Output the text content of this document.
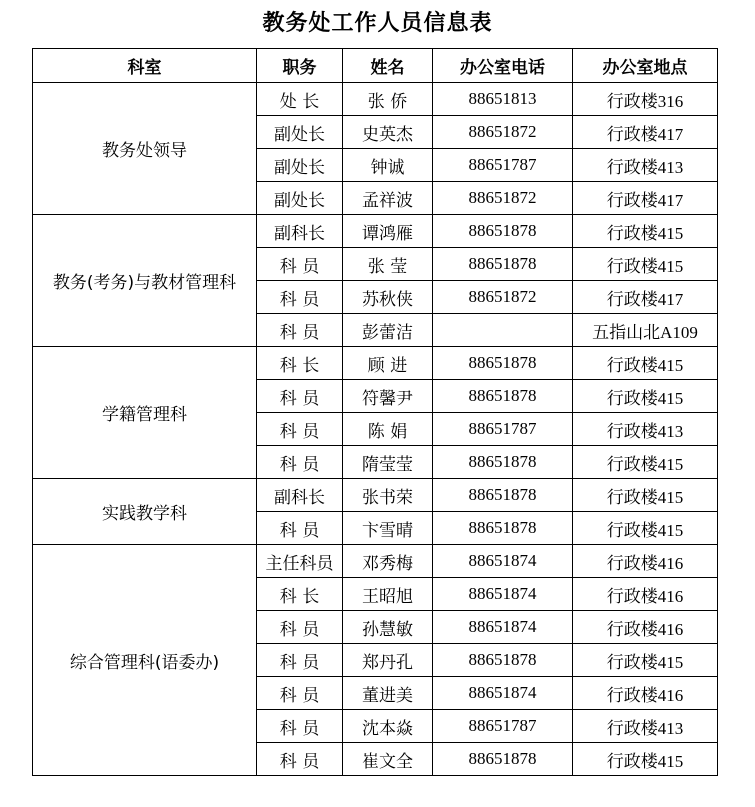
教务处工作人员信息表
科室	职务	姓名	办公室电话	办公室地点
教务处领导	处 长	张 侨	88651813	行政楼316
	副处长	史英杰	88651872	行政楼417
	副处长	钟诚	88651787	行政楼413
	副处长	孟祥波	88651872	行政楼417
教务(考务)与教材管理科	副科长	谭鸿雁	88651878	行政楼415
	科 员	张 莹	88651878	行政楼415
	科 员	苏秋侠	88651872	行政楼417
	科 员	彭蕾洁		五指山北A109
学籍管理科	科 长	顾 进	88651878	行政楼415
	科 员	符馨尹	88651878	行政楼415
	科 员	陈 娟	88651787	行政楼413
	科 员	隋莹莹	88651878	行政楼415
实践教学科	副科长	张书荣	88651878	行政楼415
	科 员	卞雪晴	88651878	行政楼415
综合管理科(语委办)	主任科员	邓秀梅	88651874	行政楼416
	科 长	王昭旭	88651874	行政楼416
	科 员	孙慧敏	88651874	行政楼416
	科 员	郑丹孔	88651878	行政楼415
	科 员	董进美	88651874	行政楼416
	科 员	沈本焱	88651787	行政楼413
	科 员	崔文全	88651878	行政楼415
